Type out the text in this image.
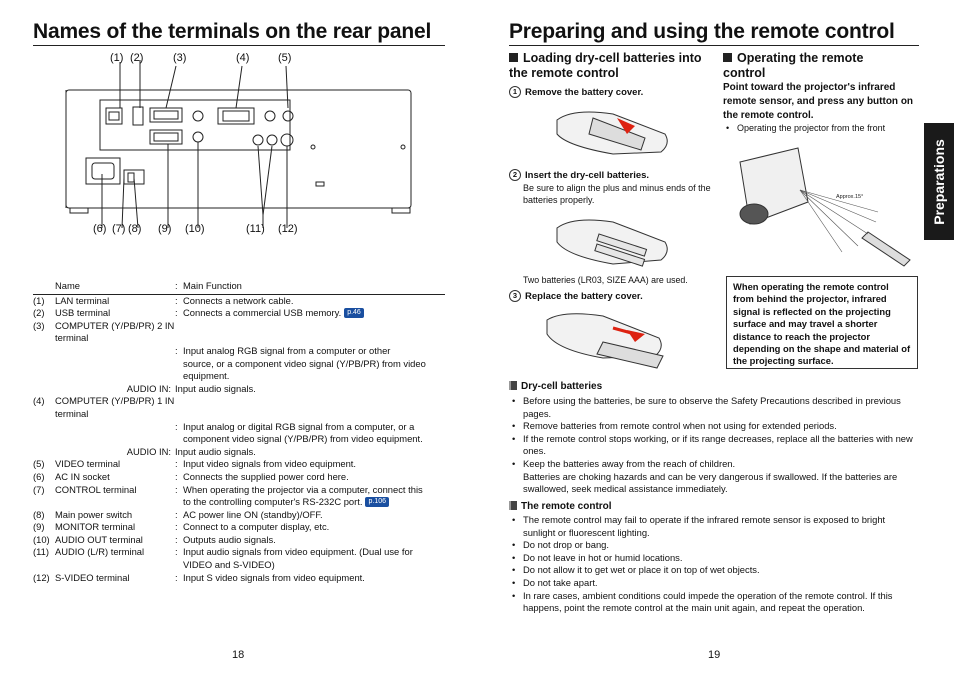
Names of the terminals on the rear panel
(1) (2)	(3)	(4)	(5)
(6) (7) (8) (9) (10)	(11) (12)
Name	: Main Function
(1)	LAN terminal	: Connects a network cable.
(2)	USB terminal	: Connects a commercial USB memory. p.46
(3)	COMPUTER (Y/PB/PR) 2 IN terminal
: Input analog RGB signal from a computer or other
source, or a component video signal (Y/PB/PR) from video
equipment.
AUDIO IN: Input audio signals.
(4)	COMPUTER (Y/PB/PR) 1 IN terminal
: Input analog or digital RGB signal from a computer, or a
component video signal (Y/PB/PR) from video equipment.
AUDIO IN: Input audio signals.
(5)	VIDEO terminal	: Input video signals from video equipment.
(6)	AC IN socket	: Connects the supplied power cord here.
(7)	CONTROL terminal	: When operating the projector via a computer, connect this
to the controlling computer's RS-232C port. p.106
(8)	Main power switch	: AC power line ON (standby)/OFF.
(9)	MONITOR terminal	: Connect to a computer display, etc.
(10) AUDIO OUT terminal	: Outputs audio signals.
(11) AUDIO (L/R) terminal	: Input audio signals from video equipment. (Dual use for
VIDEO and S-VIDEO)
(12) S-VIDEO terminal	: Input S video signals from video equipment.
18
Preparing and using the remote control
Preparations
Loading dry-cell batteries into the remote control
1 Remove the battery cover.
2 Insert the dry-cell batteries.
Be sure to align the plus and minus ends of the batteries properly.
Two batteries (LR03, SIZE AAA) are used.
3 Replace the battery cover.
Operating the remote control
Point toward the projector's infrared remote sensor, and press any button on the remote control.
• Operating the projector from the front
Approx.15°
When operating the remote control from behind the projector, infrared signal is reflected on the projecting surface and may travel a shorter distance to reach the projector depending on the shape and material of the projecting surface.
Dry-cell batteries
• Before using the batteries, be sure to observe the Safety Precautions described in previous pages.
• Remove batteries from remote control when not using for extended periods.
• If the remote control stops working, or if its range decreases, replace all the batteries with new ones.
• Keep the batteries away from the reach of children.
Batteries are choking hazards and can be very dangerous if swallowed. If the batteries are swallowed, seek medical assistance immediately.
The remote control
• The remote control may fail to operate if the infrared remote sensor is exposed to bright sunlight or fluorescent lighting.
• Do not drop or bang.
• Do not leave in hot or humid locations.
• Do not allow it to get wet or place it on top of wet objects.
• Do not take apart.
• In rare cases, ambient conditions could impede the operation of the remote control. If this happens, point the remote control at the main unit again, and repeat the operation.
19
